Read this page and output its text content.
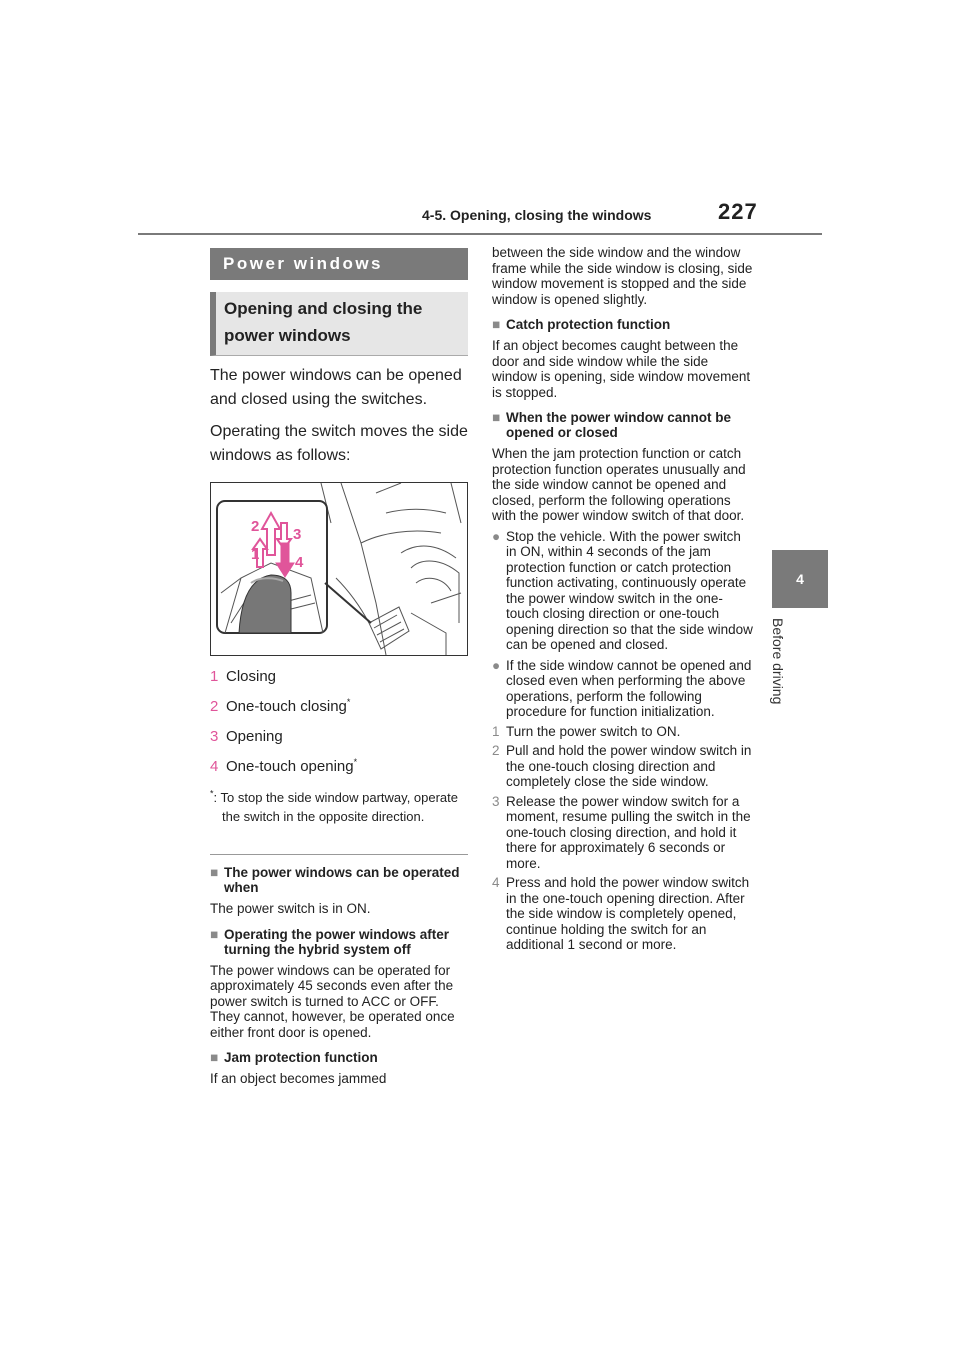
4-5. Opening, closing the windows	227
4
Before driving
Power windows
Opening and closing the power windows

The power windows can be opened and closed using the switches.

Operating the switch moves the side windows as follows:

2 3
1 4
1 Closing
2 One-touch closing*
3 Opening
4 One-touch opening*
*: To stop the side window partway, operate the switch in the opposite direction.
■ The power windows can be operated when
The power switch is in ON.
■ Operating the power windows after turning the hybrid system off
The power windows can be operated for approximately 45 seconds even after the power switch is turned to ACC or OFF. They cannot, however, be operated once either front door is opened.
■ Jam protection function
If an object becomes jammed
between the side window and the window frame while the side window is closing, side window movement is stopped and the side window is opened slightly.
■ Catch protection function
If an object becomes caught between the door and side window while the side window is opening, side window movement is stopped.
■ When the power window cannot be opened or closed
When the jam protection function or catch protection function operates unusually and the side window cannot be opened and closed, perform the following operations with the power window switch of that door.
● Stop the vehicle. With the power switch in ON, within 4 seconds of the jam protection function or catch protection function activating, continuously operate the power window switch in the one-touch closing direction or one-touch opening direction so that the side window can be opened and closed.
● If the side window cannot be opened and closed even when performing the above operations, perform the following procedure for function initialization.
1 Turn the power switch to ON.
2 Pull and hold the power window switch in the one-touch closing direction and completely close the side window.
3 Release the power window switch for a moment, resume pulling the switch in the one-touch closing direction, and hold it there for approximately 6 seconds or more.
4 Press and hold the power window switch in the one-touch opening direction. After the side window is completely opened, continue holding the switch for an additional 1 second or more.
